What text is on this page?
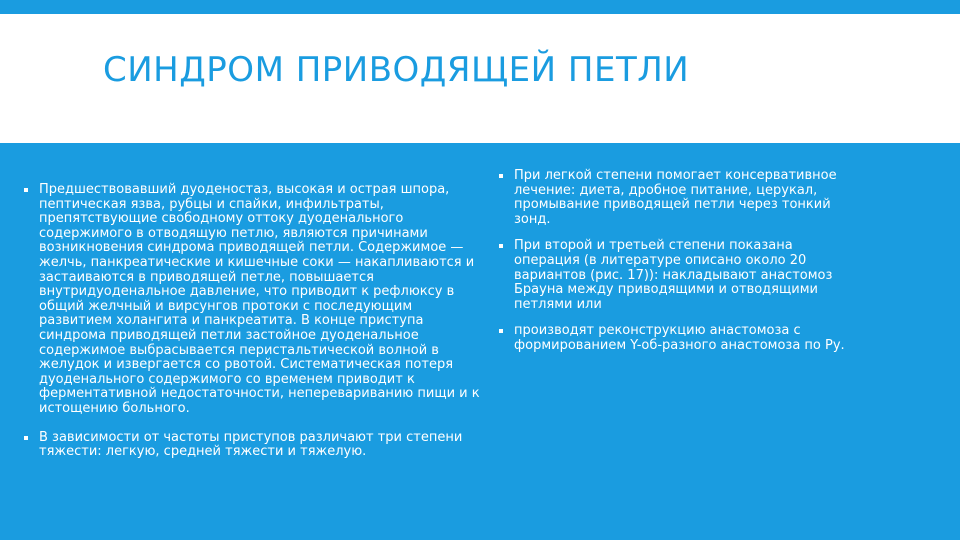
СИНДРОМ ПРИВОДЯЩЕЙ ПЕТЛИ
Предшествовавший дуоденостаз, высокая и острая шпора, пептическая язва, рубцы и спайки, инфильтраты, препятствующие свободному оттоку дуоденального содержимого в отводящую петлю, являются причинами возникновения синдрома приводящей петли. Содержимое — желчь, панкреатические и кишечные соки — накапливаются и застаиваются в приводящей петле, повышается внутридуоденальное давление, что приводит к рефлюксу в общий желчный и вирсунгов протоки с последующим развитием холангита и панкреатита. В конце приступа синдрома приводящей петли застойное дуоденальное содержимое выбрасывается перистальтической волной в желудок и извергается со рвотой. Систематическая потеря дуоденального содержимого со временем приводит к ферментативной недостаточности, неперевариванию пищи и к истощению больного.
В зависимости от частоты приступов различают три степени тяжести: легкую, средней тяжести и тяжелую.
При легкой степени помогает консервативное лечение: диета, дробное питание, церукал, промывание приводящей петли через тонкий зонд.
При второй и третьей степени показана операция (в литературе описано около 20 вариантов (рис. 17)): накладывают анастомоз Брауна между приводящими и отводящими петлями или
производят реконструкцию анастомоза с формированием Y-об-разного анастомоза по Ру.
